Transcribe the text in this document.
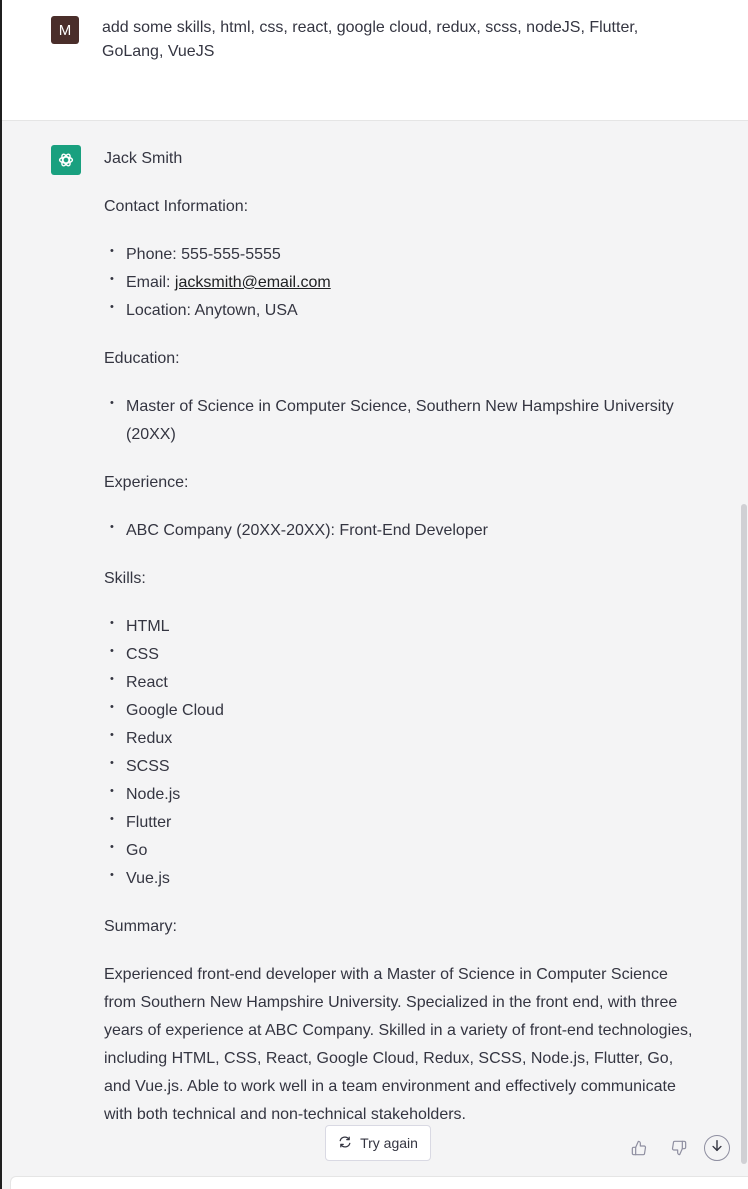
M	add some skills, html, css, react, google cloud, redux, scss, nodeJS, Flutter, GoLang, VueJS

Jack Smith

Contact Information:

• Phone: 555-555-5555
• Email: jacksmith@email.com
• Location: Anytown, USA

Education:

• Master of Science in Computer Science, Southern New Hampshire University (20XX)

Experience:

• ABC Company (20XX-20XX): Front-End Developer

Skills:

• HTML
• CSS
• React
• Google Cloud
• Redux
• SCSS
• Node.js
• Flutter
• Go
• Vue.js

Summary:

Experienced front-end developer with a Master of Science in Computer Science from Southern New Hampshire University. Specialized in the front end, with three years of experience at ABC Company. Skilled in a variety of front-end technologies, including HTML, CSS, React, Google Cloud, Redux, SCSS, Node.js, Flutter, Go, and Vue.js. Able to work well in a team environment and effectively communicate with both technical and non-technical stakeholders.

Try again
